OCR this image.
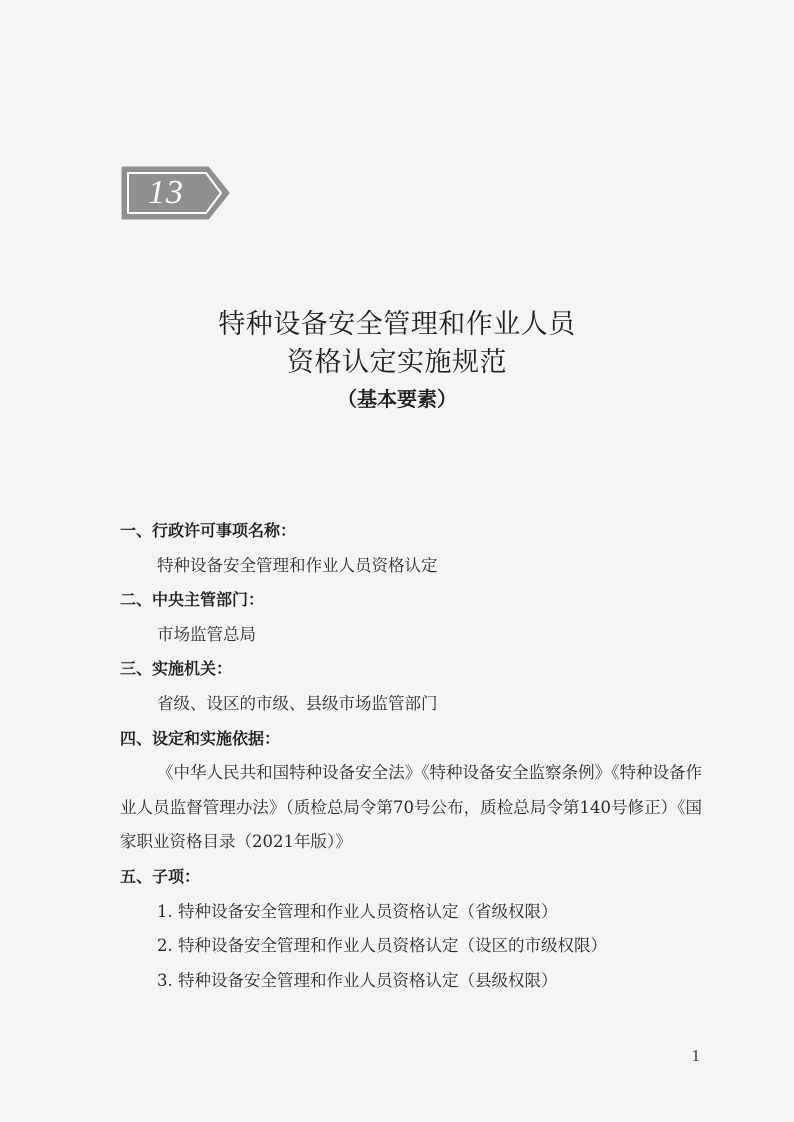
13
特种设备安全管理和作业人员
资格认定实施规范
（基本要素）
一、行政许可事项名称：
特种设备安全管理和作业人员资格认定
二、中央主管部门：
市场监管总局
三、实施机关：
省级、设区的市级、县级市场监管部门
四、设定和实施依据：
《中华人民共和国特种设备安全法》《特种设备安全监察条例》《特种设备作业人员监督管理办法》（质检总局令第70号公布，质检总局令第140号修正）《国家职业资格目录（2021年版）》
五、子项：
1. 特种设备安全管理和作业人员资格认定（省级权限）
2. 特种设备安全管理和作业人员资格认定（设区的市级权限）
3. 特种设备安全管理和作业人员资格认定（县级权限）
1
